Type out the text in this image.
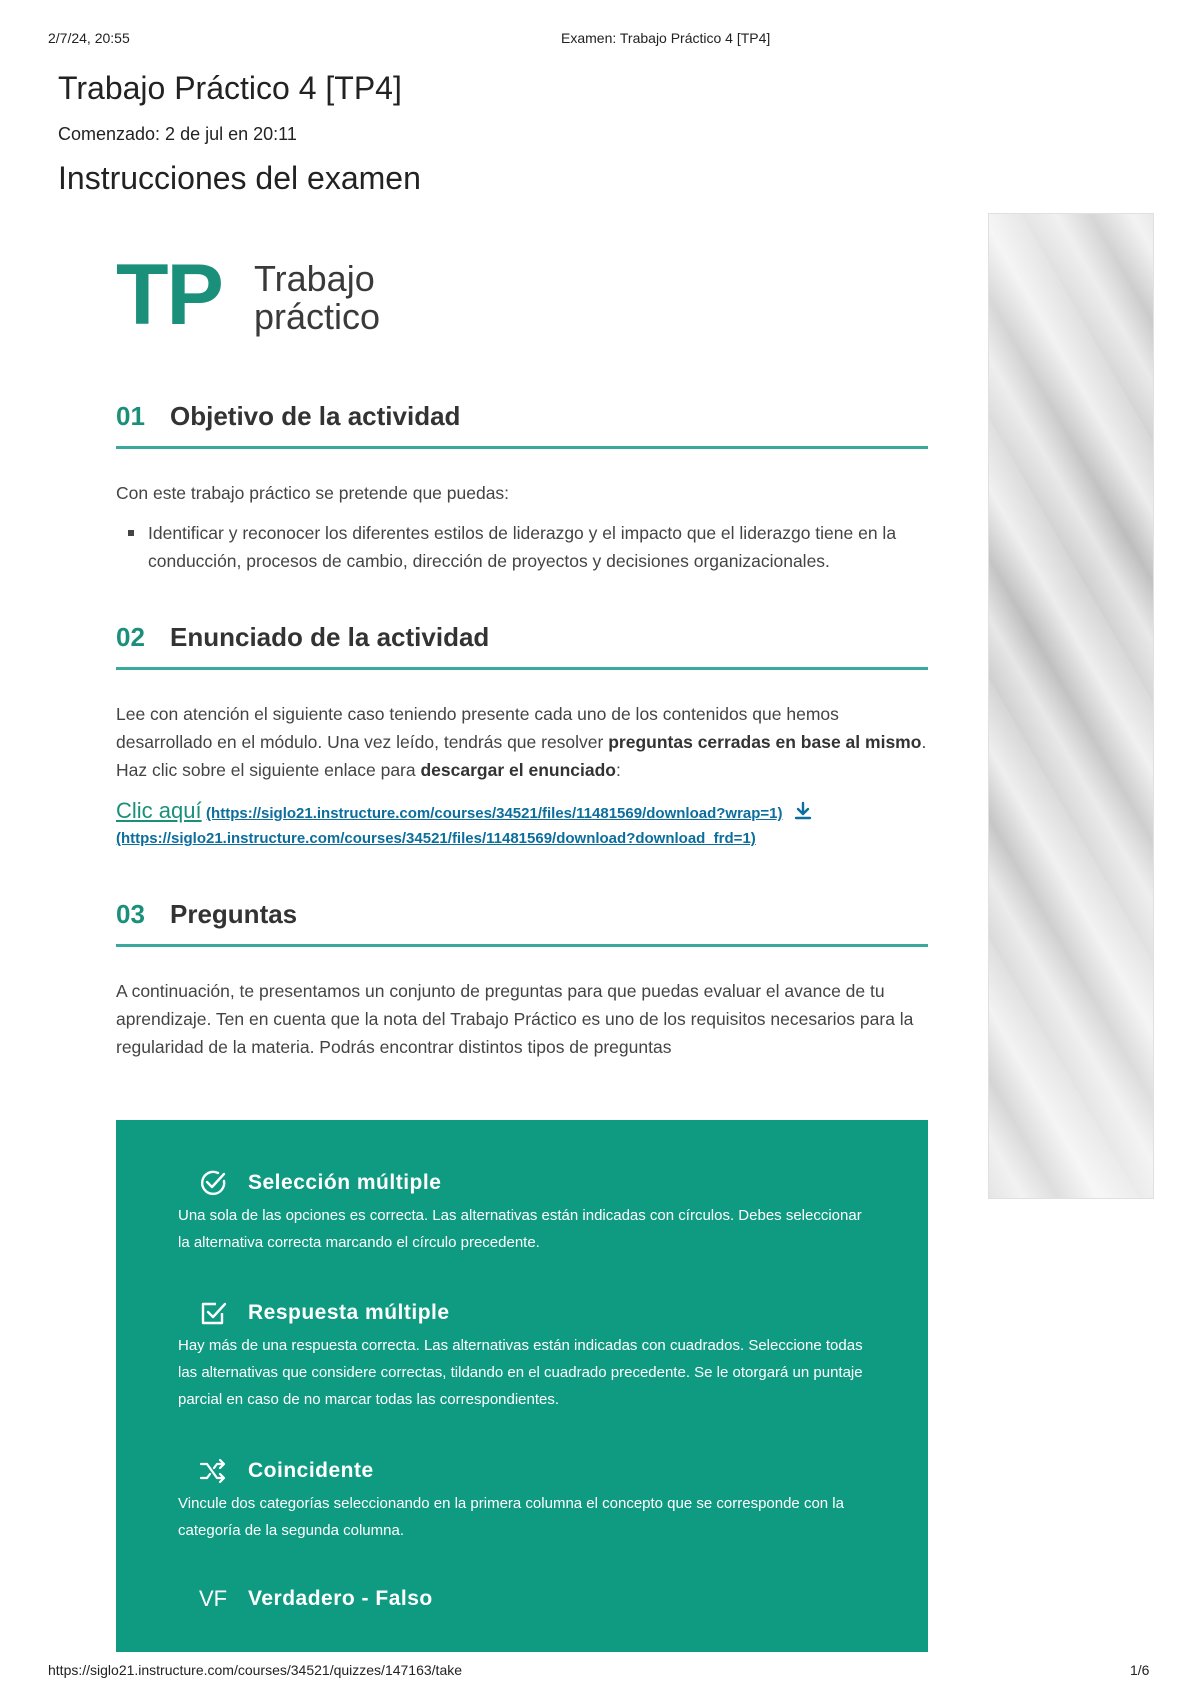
2/7/24, 20:55	Examen: Trabajo Práctico 4 [TP4]
Trabajo Práctico 4 [TP4]
Comenzado: 2 de jul en 20:11
Instrucciones del examen
TP Trabajo
práctico
01 Objetivo de la actividad

Con este trabajo práctico se pretende que puedas:

Identificar y reconocer los diferentes estilos de liderazgo y el impacto que el liderazgo tiene en la conducción, procesos de cambio, dirección de proyectos y decisiones organizacionales.
02 Enunciado de la actividad

Lee con atención el siguiente caso teniendo presente cada uno de los contenidos que hemos desarrollado en el módulo. Una vez leído, tendrás que resolver preguntas cerradas en base al mismo. Haz clic sobre el siguiente enlace para descargar el enunciado:

Clic aquí (https://siglo21.instructure.com/courses/34521/files/11481569/download?wrap=1)
(https://siglo21.instructure.com/courses/34521/files/11481569/download?download_frd=1)
03 Preguntas

A continuación, te presentamos un conjunto de preguntas para que puedas evaluar el avance de tu aprendizaje. Ten en cuenta que la nota del Trabajo Práctico es uno de los requisitos necesarios para la regularidad de la materia. Podrás encontrar distintos tipos de preguntas

Selección múltiple
Una sola de las opciones es correcta. Las alternativas están indicadas con círculos. Debes seleccionar la alternativa correcta marcando el círculo precedente.
Respuesta múltiple
Hay más de una respuesta correcta. Las alternativas están indicadas con cuadrados. Seleccione todas las alternativas que considere correctas, tildando en el cuadrado precedente. Se le otorgará un puntaje parcial en caso de no marcar todas las correspondientes.
Coincidente
Vincule dos categorías seleccionando en la primera columna el concepto que se corresponde con la categoría de la segunda columna.
VF Verdadero - Falso
https://siglo21.instructure.com/courses/34521/quizzes/147163/take	1/6
